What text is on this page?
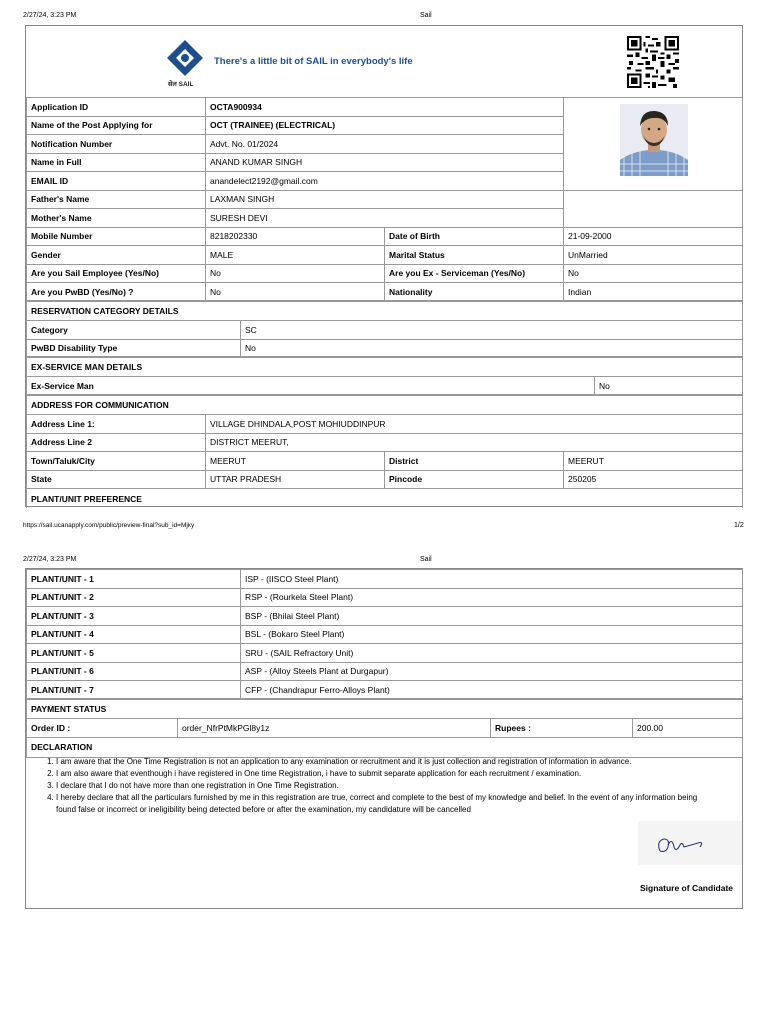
2/27/24, 3:23 PM	Sail
सेल SAIL
There's a little bit of SAIL in everybody's life
Application ID	OCTA900934		
Name of the Post Applying for	OCT (TRAINEE) (ELECTRICAL)		
Notification Number	Advt. No. 01/2024		
Name in Full	ANAND KUMAR SINGH		
EMAIL ID	anandelect2192@gmail.com		
Father's Name	LAXMAN SINGH		
Mother's Name	SURESH DEVI		
Mobile Number	8218202330	Date of Birth	21-09-2000
Gender	MALE	Marital Status	UnMarried
Are you Sail Employee (Yes/No)	No	Are you Ex - Serviceman (Yes/No)	No
Are you PwBD (Yes/No) ?	No	Nationality	Indian
RESERVATION CATEGORY DETAILS	
Category	SC
PwBD Disability Type	No
EX-SERVICE MAN DETAILS
Ex-Service Man	No
ADDRESS FOR COMMUNICATION			
Address Line 1:	VILLAGE DHINDALA,POST MOHIUDDINPUR		
Address Line 2	DISTRICT MEERUT,		
Town/Taluk/City	MEERUT	District	MEERUT
State	UTTAR PRADESH	Pincode	250205
PLANT/UNIT PREFERENCE			
https://sail.ucanapply.com/public/preview-final?sub_id=Mjky	1/2
2/27/24, 3:23 PM	Sail
PLANT/UNIT - 1	ISP - (IISCO Steel Plant)
PLANT/UNIT - 2	RSP - (Rourkela Steel Plant)
PLANT/UNIT - 3	BSP - (Bhilai Steel Plant)
PLANT/UNIT - 4	BSL - (Bokaro Steel Plant)
PLANT/UNIT - 5	SRU - (SAIL Refractory Unit)
PLANT/UNIT - 6	ASP - (Alloy Steels Plant at Durgapur)
PLANT/UNIT - 7	CFP - (Chandrapur Ferro-Alloys Plant)
PAYMENT STATUS
Order ID :	order_NfrPtMkPGl8y1z	Rupees :	200.00
DECLARATION
1. I am aware that the One Time Registration is not an application to any examination or recruitment and it is just collection and registration of information in advance.
2. I am also aware that eventhough i have registered in One time Registration, i have to submit separate application for each recruitment / examination.
3. I declare that I do not have more than one registration in One Time Registration.
4. I hereby declare that all the particulars furnished by me in this registration are true, correct and complete to the best of my knowledge and belief. In the event of any information being found false or incorrect or ineligibility being detected before or after the examination, my candidature will be cancelled
Signature of Candidate
